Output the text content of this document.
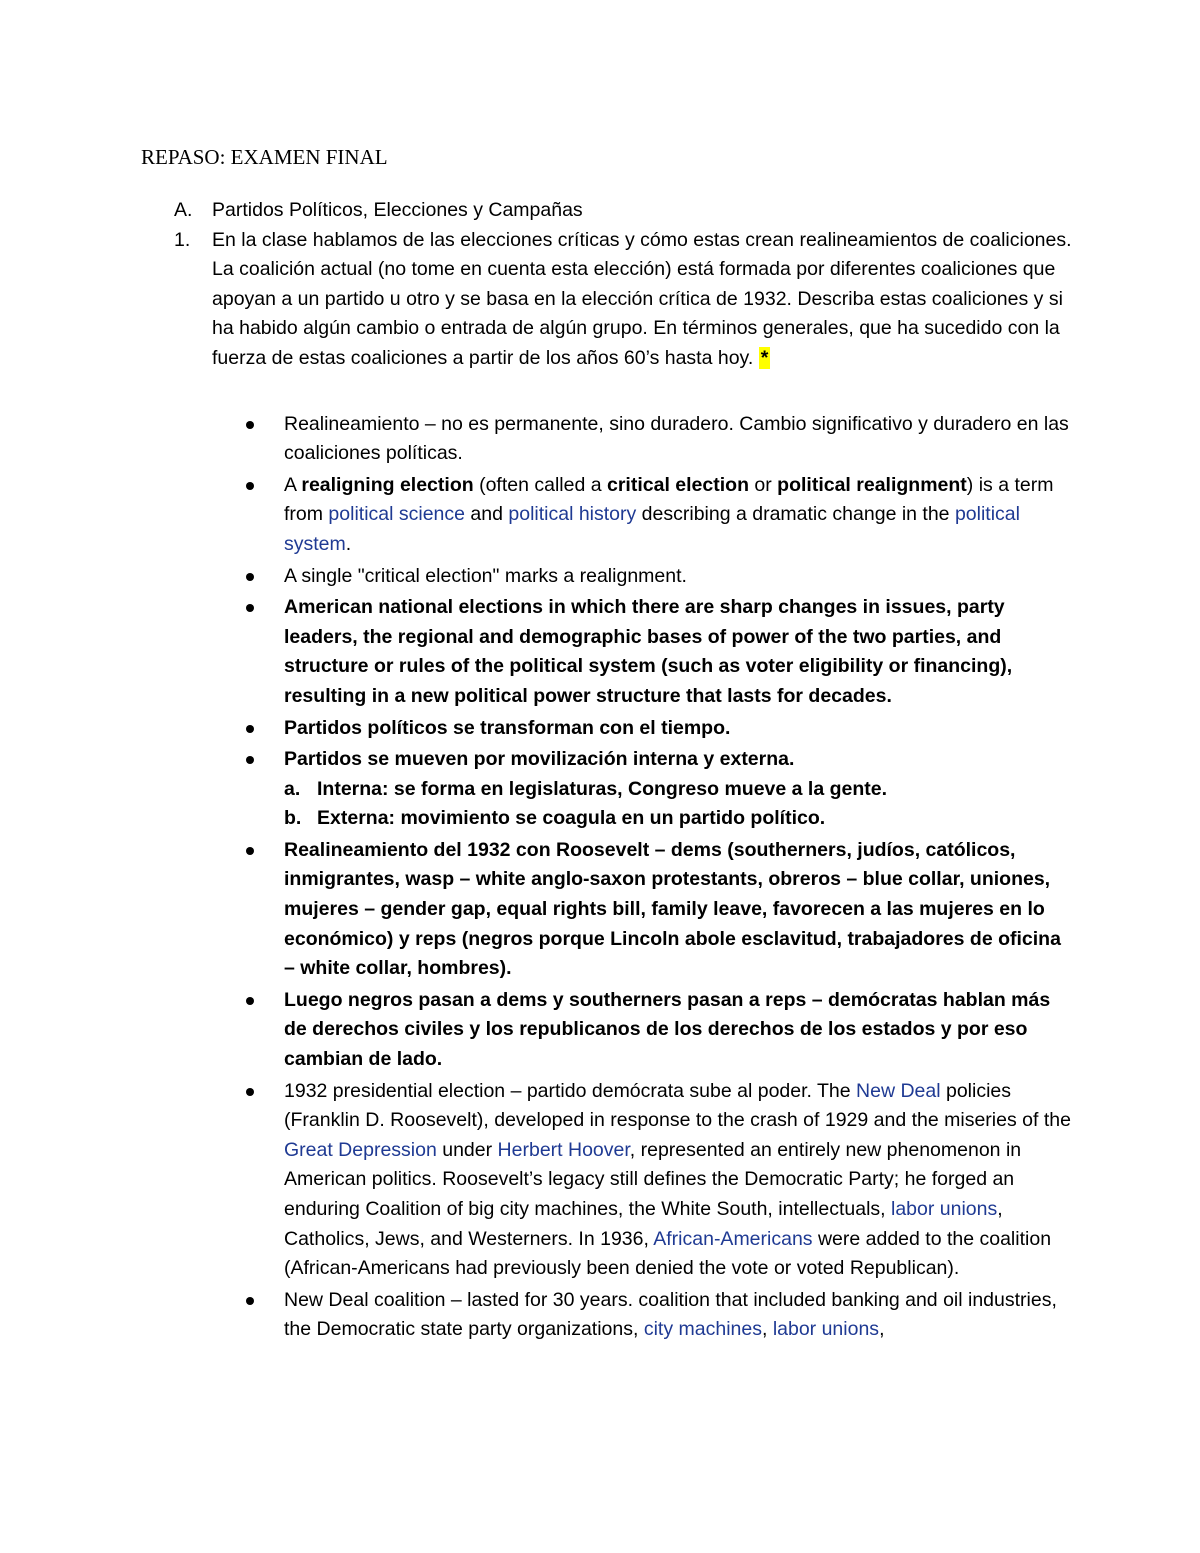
REPASO: EXAMEN FINAL
A. Partidos Políticos, Elecciones y Campañas
1. En la clase hablamos de las elecciones críticas y cómo estas crean realineamientos de coaliciones. La coalición actual (no tome en cuenta esta elección) está formada por diferentes coaliciones que apoyan a un partido u otro y se basa en la elección crítica de 1932. Describa estas coaliciones y si ha habido algún cambio o entrada de algún grupo. En términos generales, que ha sucedido con la fuerza de estas coaliciones a partir de los años 60’s hasta hoy. *
Realineamiento – no es permanente, sino duradero. Cambio significativo y duradero en las coaliciones políticas.
A realigning election (often called a critical election or political realignment) is a term from political science and political history describing a dramatic change in the political system.
A single "critical election" marks a realignment.
American national elections in which there are sharp changes in issues, party leaders, the regional and demographic bases of power of the two parties, and structure or rules of the political system (such as voter eligibility or financing), resulting in a new political power structure that lasts for decades.
Partidos políticos se transforman con el tiempo.
Partidos se mueven por movilización interna y externa.
a. Interna: se forma en legislaturas, Congreso mueve a la gente.
b. Externa: movimiento se coagula en un partido político.
Realineamiento del 1932 con Roosevelt – dems (southerners, judíos, católicos, inmigrantes, wasp – white anglo-saxon protestants, obreros – blue collar, uniones, mujeres – gender gap, equal rights bill, family leave, favorecen a las mujeres en lo económico) y reps (negros porque Lincoln abole esclavitud, trabajadores de oficina – white collar, hombres).
Luego negros pasan a dems y southerners pasan a reps – demócratas hablan más de derechos civiles y los republicanos de los derechos de los estados y por eso cambian de lado.
1932 presidential election – partido demócrata sube al poder. The New Deal policies (Franklin D. Roosevelt), developed in response to the crash of 1929 and the miseries of the Great Depression under Herbert Hoover, represented an entirely new phenomenon in American politics. Roosevelt’s legacy still defines the Democratic Party; he forged an enduring Coalition of big city machines, the White South, intellectuals, labor unions, Catholics, Jews, and Westerners. In 1936, African-Americans were added to the coalition (African-Americans had previously been denied the vote or voted Republican).
New Deal coalition – lasted for 30 years. coalition that included banking and oil industries, the Democratic state party organizations, city machines, labor unions,
